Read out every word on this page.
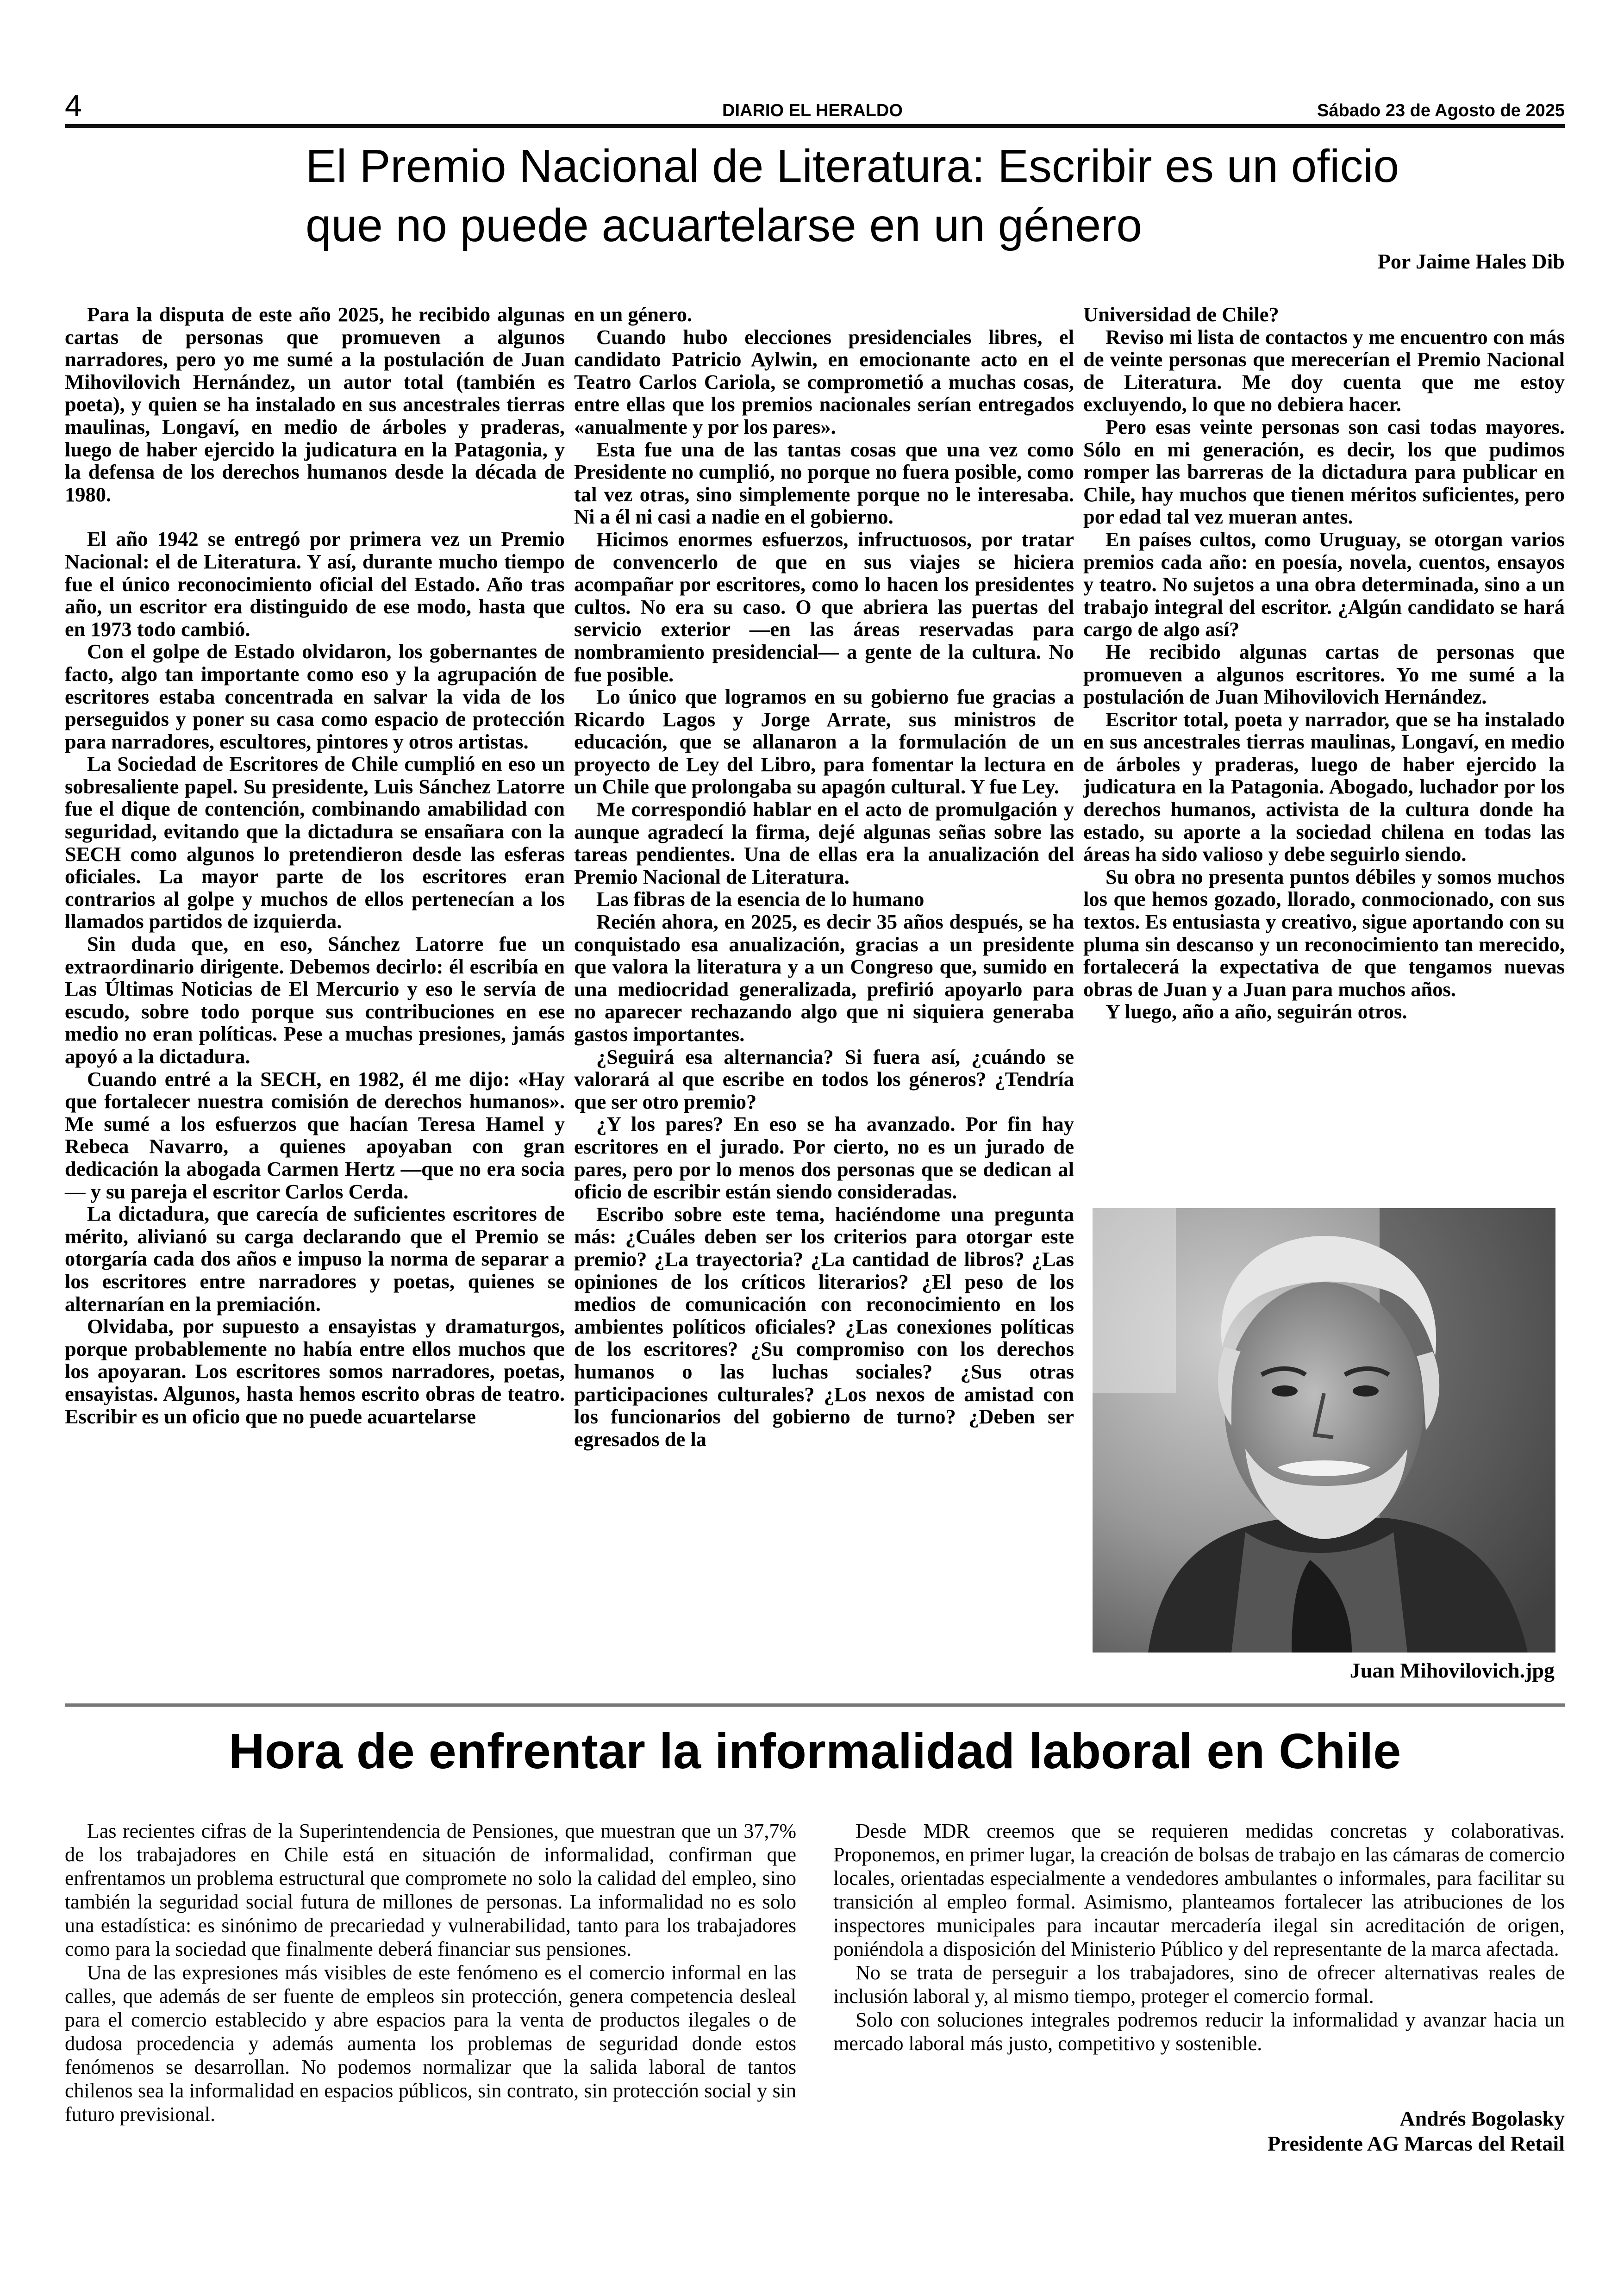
4	DIARIO EL HERALDO	Sábado 23 de Agosto de 2025
El Premio Nacional de Literatura: Escribir es un oficio que no puede acuartelarse en un género
Por Jaime Hales Dib

Para la disputa de este año 2025, he recibido algunas cartas de personas que promueven a algunos narradores, pero yo me sumé a la postulación de Juan Mihovilovich Hernández, un autor total (también es poeta), y quien se ha instalado en sus ancestrales tierras maulinas, Longaví, en medio de árboles y praderas, luego de haber ejercido la judicatura en la Patagonia, y la defensa de los derechos humanos desde la década de 1980.

El año 1942 se entregó por primera vez un Premio Nacional: el de Literatura. Y así, durante mucho tiempo fue el único reconocimiento oficial del Estado. Año tras año, un escritor era distinguido de ese modo, hasta que en 1973 todo cambió.

Con el golpe de Estado olvidaron, los gobernantes de facto, algo tan importante como eso y la agrupación de escritores estaba concentrada en salvar la vida de los perseguidos y poner su casa como espacio de protección para narradores, escultores, pintores y otros artistas.

La Sociedad de Escritores de Chile cumplió en eso un sobresaliente papel. Su presidente, Luis Sánchez Latorre fue el dique de contención, combinando amabilidad con seguridad, evitando que la dictadura se ensañara con la SECH como algunos lo pretendieron desde las esferas oficiales. La mayor parte de los escritores eran contrarios al golpe y muchos de ellos pertenecían a los llamados partidos de izquierda.

Sin duda que, en eso, Sánchez Latorre fue un extraordinario dirigente. Debemos decirlo: él escribía en Las Últimas Noticias de El Mercurio y eso le servía de escudo, sobre todo porque sus contribuciones en ese medio no eran políticas. Pese a muchas presiones, jamás apoyó a la dictadura.

Cuando entré a la SECH, en 1982, él me dijo: «Hay que fortalecer nuestra comisión de derechos humanos». Me sumé a los esfuerzos que hacían Teresa Hamel y Rebeca Navarro, a quienes apoyaban con gran dedicación la abogada Carmen Hertz —que no era socia— y su pareja el escritor Carlos Cerda.

La dictadura, que carecía de suficientes escritores de mérito, alivianó su carga declarando que el Premio se otorgaría cada dos años e impuso la norma de separar a los escritores entre narradores y poetas, quienes se alternarían en la premiación.

Olvidaba, por supuesto a ensayistas y dramaturgos, porque probablemente no había entre ellos muchos que los apoyaran. Los escritores somos narradores, poetas, ensayistas. Algunos, hasta hemos escrito obras de teatro. Escribir es un oficio que no puede acuartelarse

en un género.

Cuando hubo elecciones presidenciales libres, el candidato Patricio Aylwin, en emocionante acto en el Teatro Carlos Cariola, se comprometió a muchas cosas, entre ellas que los premios nacionales serían entregados «anualmente y por los pares».

Esta fue una de las tantas cosas que una vez como Presidente no cumplió, no porque no fuera posible, como tal vez otras, sino simplemente porque no le interesaba. Ni a él ni casi a nadie en el gobierno.

Hicimos enormes esfuerzos, infructuosos, por tratar de convencerlo de que en sus viajes se hiciera acompañar por escritores, como lo hacen los presidentes cultos. No era su caso. O que abriera las puertas del servicio exterior —en las áreas reservadas para nombramiento presidencial— a gente de la cultura. No fue posible.

Lo único que logramos en su gobierno fue gracias a Ricardo Lagos y Jorge Arrate, sus ministros de educación, que se allanaron a la formulación de un proyecto de Ley del Libro, para fomentar la lectura en un Chile que prolongaba su apagón cultural. Y fue Ley.

Me correspondió hablar en el acto de promulgación y aunque agradecí la firma, dejé algunas señas sobre las tareas pendientes. Una de ellas era la anualización del Premio Nacional de Literatura.

Las fibras de la esencia de lo humano

Recién ahora, en 2025, es decir 35 años después, se ha conquistado esa anualización, gracias a un presidente que valora la literatura y a un Congreso que, sumido en una mediocridad generalizada, prefirió apoyarlo para no aparecer rechazando algo que ni siquiera generaba gastos importantes.

¿Seguirá esa alternancia? Si fuera así, ¿cuándo se valorará al que escribe en todos los géneros? ¿Tendría que ser otro premio?

¿Y los pares? En eso se ha avanzado. Por fin hay escritores en el jurado. Por cierto, no es un jurado de pares, pero por lo menos dos personas que se dedican al oficio de escribir están siendo consideradas.

Escribo sobre este tema, haciéndome una pregunta más: ¿Cuáles deben ser los criterios para otorgar este premio? ¿La trayectoria? ¿La cantidad de libros? ¿Las opiniones de los críticos literarios? ¿El peso de los medios de comunicación con reconocimiento en los ambientes políticos oficiales? ¿Las conexiones políticas de los escritores? ¿Su compromiso con los derechos humanos o las luchas sociales? ¿Sus otras participaciones culturales? ¿Los nexos de amistad con los funcionarios del gobierno de turno? ¿Deben ser egresados de la

Universidad de Chile?

Reviso mi lista de contactos y me encuentro con más de veinte personas que merecerían el Premio Nacional de Literatura. Me doy cuenta que me estoy excluyendo, lo que no debiera hacer.

Pero esas veinte personas son casi todas mayores. Sólo en mi generación, es decir, los que pudimos romper las barreras de la dictadura para publicar en Chile, hay muchos que tienen méritos suficientes, pero por edad tal vez mueran antes.

En países cultos, como Uruguay, se otorgan varios premios cada año: en poesía, novela, cuentos, ensayos y teatro. No sujetos a una obra determinada, sino a un trabajo integral del escritor. ¿Algún candidato se hará cargo de algo así?

He recibido algunas cartas de personas que promueven a algunos escritores. Yo me sumé a la postulación de Juan Mihovilovich Hernández.

Escritor total, poeta y narrador, que se ha instalado en sus ancestrales tierras maulinas, Longaví, en medio de árboles y praderas, luego de haber ejercido la judicatura en la Patagonia. Abogado, luchador por los derechos humanos, activista de la cultura donde ha estado, su aporte a la sociedad chilena en todas las áreas ha sido valioso y debe seguirlo siendo.

Su obra no presenta puntos débiles y somos muchos los que hemos gozado, llorado, conmocionado, con sus textos. Es entusiasta y creativo, sigue aportando con su pluma sin descanso y un reconocimiento tan merecido, fortalecerá la expectativa de que tengamos nuevas obras de Juan y a Juan para muchos años.

Y luego, año a año, seguirán otros.

Juan Mihovilovich.jpg
Hora de enfrentar la informalidad laboral en Chile

Las recientes cifras de la Superintendencia de Pensiones, que muestran que un 37,7% de los trabajadores en Chile está en situación de informalidad, confirman que enfrentamos un problema estructural que compromete no solo la calidad del empleo, sino también la seguridad social futura de millones de personas. La informalidad no es solo una estadística: es sinónimo de precariedad y vulnerabilidad, tanto para los trabajadores como para la sociedad que finalmente deberá financiar sus pensiones.

Una de las expresiones más visibles de este fenómeno es el comercio informal en las calles, que además de ser fuente de empleos sin protección, genera competencia desleal para el comercio establecido y abre espacios para la venta de productos ilegales o de dudosa procedencia y además aumenta los problemas de seguridad donde estos fenómenos se desarrollan. No podemos normalizar que la salida laboral de tantos chilenos sea la informalidad en espacios públicos, sin contrato, sin protección social y sin futuro previsional.

Desde MDR creemos que se requieren medidas concretas y colaborativas. Proponemos, en primer lugar, la creación de bolsas de trabajo en las cámaras de comercio locales, orientadas especialmente a vendedores ambulantes o informales, para facilitar su transición al empleo formal. Asimismo, planteamos fortalecer las atribuciones de los inspectores municipales para incautar mercadería ilegal sin acreditación de origen, poniéndola a disposición del Ministerio Público y del representante de la marca afectada.

No se trata de perseguir a los trabajadores, sino de ofrecer alternativas reales de inclusión laboral y, al mismo tiempo, proteger el comercio formal.

Solo con soluciones integrales podremos reducir la informalidad y avanzar hacia un mercado laboral más justo, competitivo y sostenible.

Andrés Bogolasky
Presidente AG Marcas del Retail
